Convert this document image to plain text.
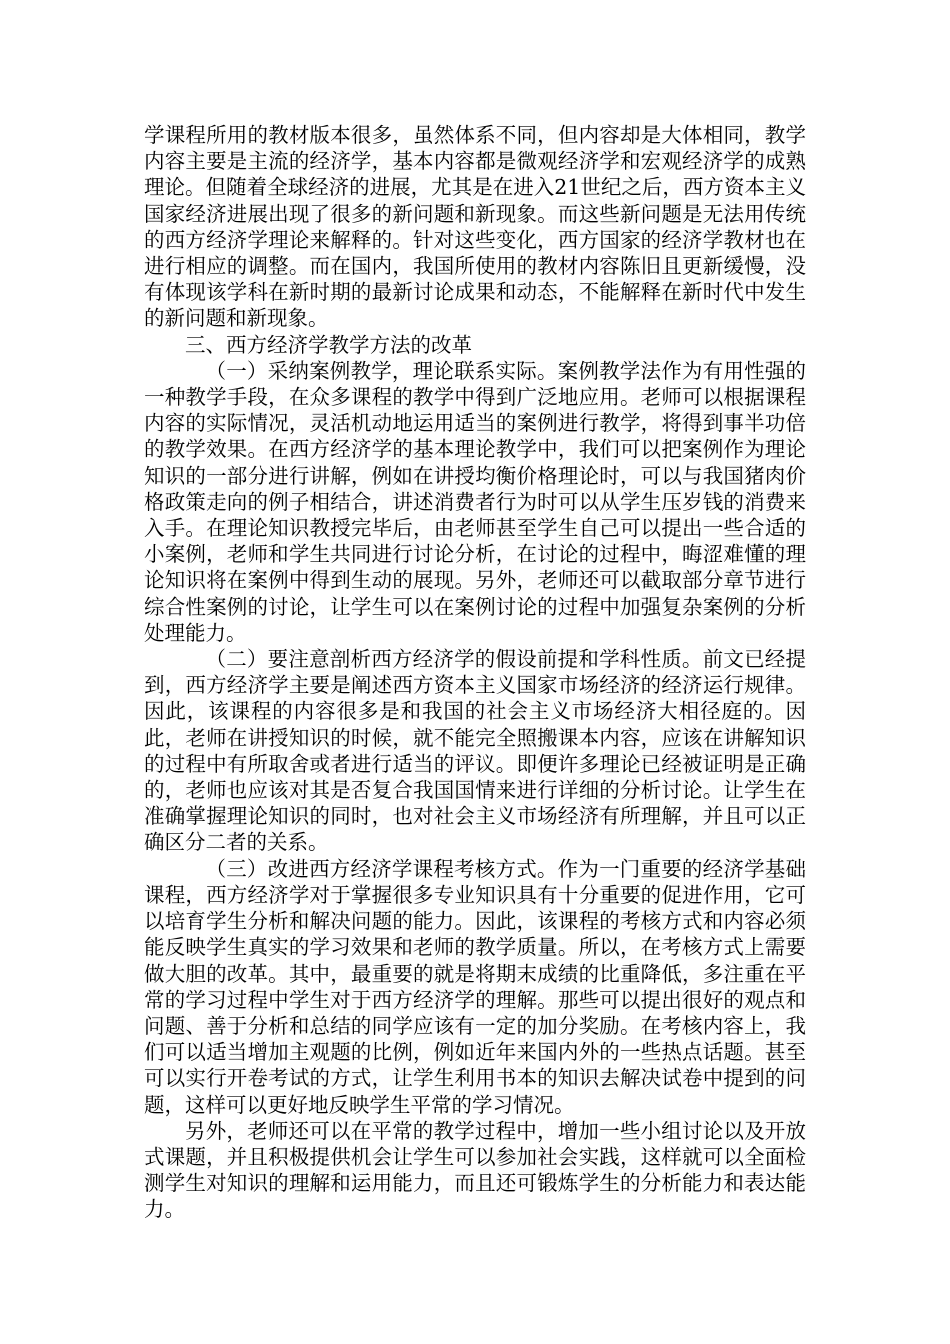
学课程所用的教材版本很多，虽然体系不同，但内容却是大体相同，教学内容主要是主流的经济学，基本内容都是微观经济学和宏观经济学的成熟理论。但随着全球经济的进展，尤其是在进入21世纪之后，西方资本主义国家经济进展出现了很多的新问题和新现象。而这些新问题是无法用传统的西方经济学理论来解释的。针对这些变化，西方国家的经济学教材也在进行相应的调整。而在国内，我国所使用的教材内容陈旧且更新缓慢，没有体现该学科在新时期的最新讨论成果和动态，不能解释在新时代中发生的新问题和新现象。

三、西方经济学教学方法的改革

（一）采纳案例教学，理论联系实际。案例教学法作为有用性强的一种教学手段，在众多课程的教学中得到广泛地应用。老师可以根据课程内容的实际情况，灵活机动地运用适当的案例进行教学，将得到事半功倍的教学效果。在西方经济学的基本理论教学中，我们可以把案例作为理论知识的一部分进行讲解，例如在讲授均衡价格理论时，可以与我国猪肉价格政策走向的例子相结合，讲述消费者行为时可以从学生压岁钱的消费来入手。在理论知识教授完毕后，由老师甚至学生自己可以提出一些合适的小案例，老师和学生共同进行讨论分析，在讨论的过程中，晦涩难懂的理论知识将在案例中得到生动的展现。另外，老师还可以截取部分章节进行综合性案例的讨论，让学生可以在案例讨论的过程中加强复杂案例的分析处理能力。

（二）要注意剖析西方经济学的假设前提和学科性质。前文已经提到，西方经济学主要是阐述西方资本主义国家市场经济的经济运行规律。因此，该课程的内容很多是和我国的社会主义市场经济大相径庭的。因此，老师在讲授知识的时候，就不能完全照搬课本内容，应该在讲解知识的过程中有所取舍或者进行适当的评议。即便许多理论已经被证明是正确的，老师也应该对其是否复合我国国情来进行详细的分析讨论。让学生在准确掌握理论知识的同时，也对社会主义市场经济有所理解，并且可以正确区分二者的关系。

（三）改进西方经济学课程考核方式。作为一门重要的经济学基础课程，西方经济学对于掌握很多专业知识具有十分重要的促进作用，它可以培育学生分析和解决问题的能力。因此，该课程的考核方式和内容必须能反映学生真实的学习效果和老师的教学质量。所以，在考核方式上需要做大胆的改革。其中，最重要的就是将期末成绩的比重降低，多注重在平常的学习过程中学生对于西方经济学的理解。那些可以提出很好的观点和问题、善于分析和总结的同学应该有一定的加分奖励。在考核内容上，我们可以适当增加主观题的比例，例如近年来国内外的一些热点话题。甚至可以实行开卷考试的方式，让学生利用书本的知识去解决试卷中提到的问题，这样可以更好地反映学生平常的学习情况。

另外，老师还可以在平常的教学过程中，增加一些小组讨论以及开放式课题，并且积极提供机会让学生可以参加社会实践，这样就可以全面检测学生对知识的理解和运用能力，而且还可锻炼学生的分析能力和表达能力。
